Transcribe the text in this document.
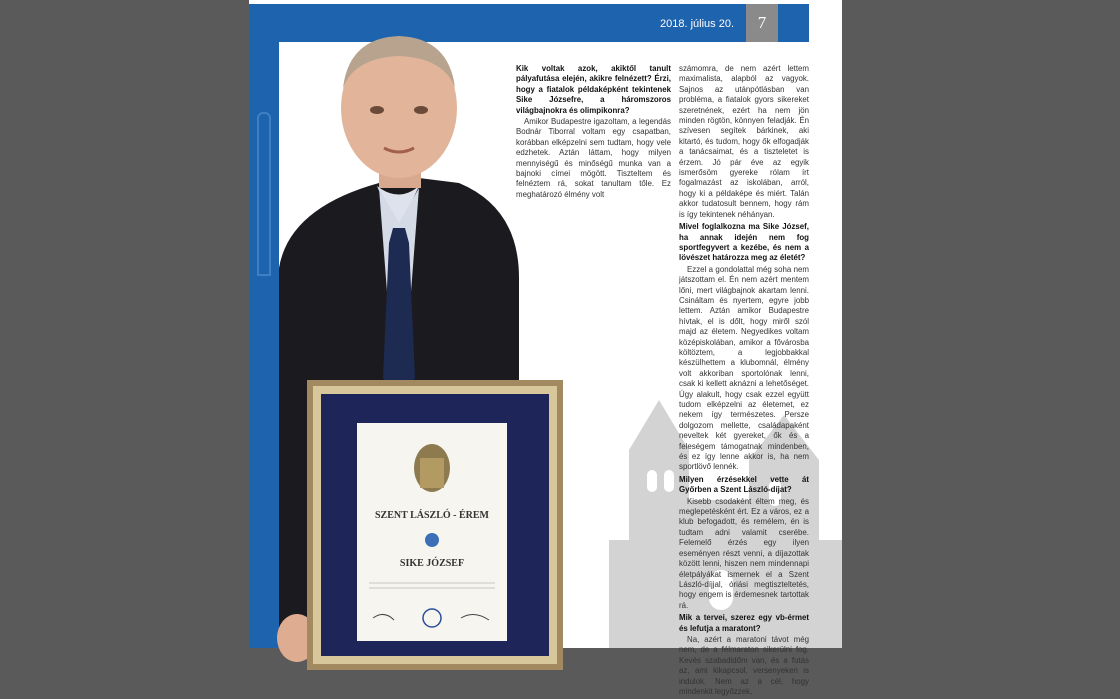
2018. július 20.	7
SZENT LÁSZLÓ - ÉREM
SIKE JÓZSEF
Kik voltak azok, akiktől tanult pályafutása elején, akikre felnézett? Érzi, hogy a fiatalok példaképként tekintenek Sike Józsefre, a háromszoros világbajnokra és olimpikonra?
Amikor Budapestre igazoltam, a legendás Bodnár Tiborral voltam egy csapatban, korábban elképzelni sem tudtam, hogy vele edzhetek. Aztán láttam, hogy milyen mennyiségű és minőségű munka van a bajnoki címei mögött. Tiszteltem és felnéztem rá, sokat tanultam tőle. Ez meghatározó élmény volt
számomra, de nem azért lettem maximalista, alapból az vagyok. Sajnos az utánpótlásban van probléma, a fiatalok gyors sikereket szeretnének, ezért ha nem jön minden rögtön, könnyen feladják. Én szívesen segítek bárkinek, aki kitartó, és tudom, hogy ők elfogadják a tanácsaimat, és a tiszteletet is érzem. Jó pár éve az egyik ismerősöm gyereke rólam írt fogalmazást az iskolában, arról, hogy ki a példaképe és miért. Talán akkor tudatosult bennem, hogy rám is így tekintenek néhányan.
Mivel foglalkozna ma Sike József, ha annak idején nem fog sportfegyvert a kezébe, és nem a lövészet határozza meg az életét?
Ezzel a gondolattal még soha nem játszottam el. Én nem azért mentem lőni, mert világbajnok akartam lenni. Csináltam és nyertem, egyre jobb lettem. Aztán amikor Budapestre hívtak, el is dőlt, hogy miről szól majd az életem. Negyedikes voltam középiskolában, amikor a fővárosba költöztem, a legjobbakkal készülhettem a klubomnál, élmény volt akkoriban sportolónak lenni, csak ki kellett aknázni a lehetőséget. Úgy alakult, hogy csak ezzel együtt tudom elképzelni az életemet, ez nekem így természetes. Persze dolgozom mellette, családapaként neveltek két gyereket, ők és a feleségem támogatnak mindenben, és ez így lenne akkor is, ha nem sportlövő lennék.
Milyen érzésekkel vette át Győrben a Szent László-díjat?
Kisebb csodaként éltem meg, és meglepetésként ért. Ez a város, ez a klub befogadott, és remélem, én is tudtam adni valamit cserébe. Felemelő érzés egy ilyen eseményen részt venni, a díjazottak között lenni, hiszen nem mindennapi életpályákat ismernek el a Szent László-díjjal, óriási megtiszteltetés, hogy engem is érdemesnek tartottak rá.
Mik a tervei, szerez egy vb-érmet és lefutja a maratont?
Na, azért a maratoni távot még nem, de a félmaraton sikerülni fog. Kevés szabadidőm van, és a futás az, ami kikapcsol, versenyeken is indulok. Nem az a cél, hogy mindenkit legyőzzek,
